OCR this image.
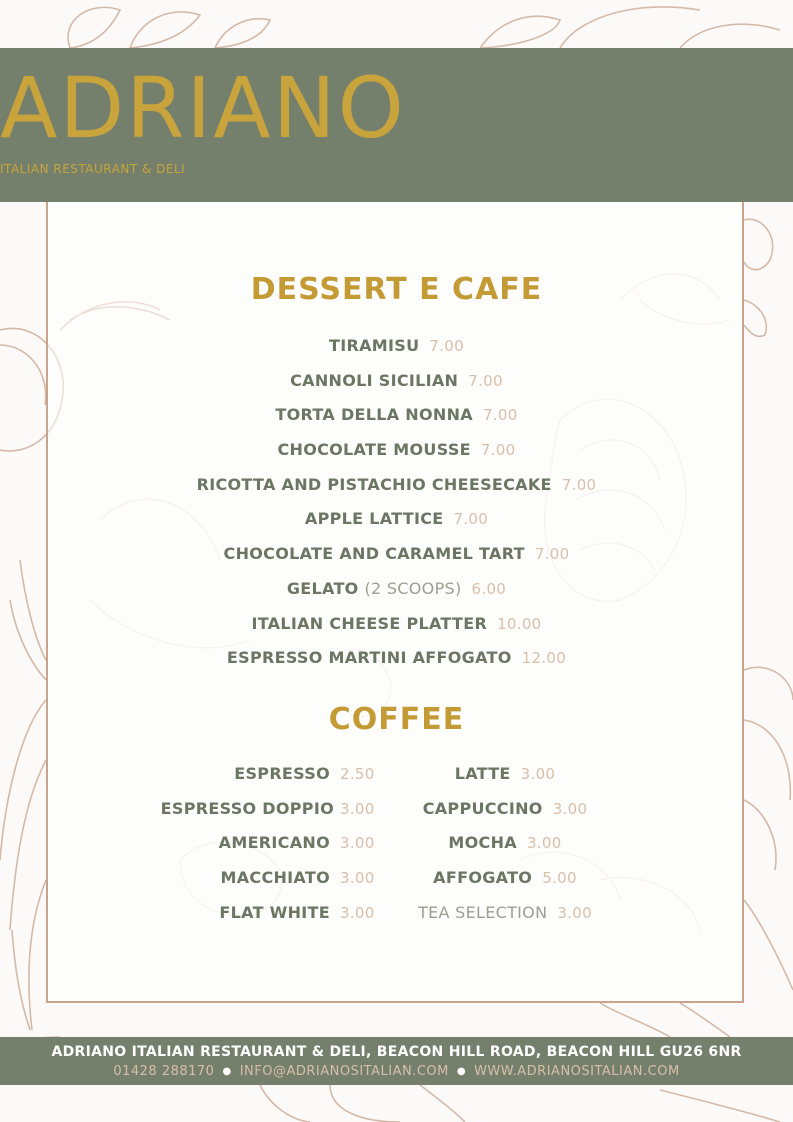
ADRIANO
ITALIAN RESTAURANT & DELI
DESSERT E CAFE
TIRAMISU 7.00
CANNOLI SICILIAN 7.00
TORTA DELLA NONNA 7.00
CHOCOLATE MOUSSE 7.00
RICOTTA AND PISTACHIO CHEESECAKE 7.00
APPLE LATTICE 7.00
CHOCOLATE AND CARAMEL TART 7.00
GELATO (2 SCOOPS) 6.00
ITALIAN CHEESE PLATTER 10.00
ESPRESSO MARTINI AFFOGATO 12.00
COFFEE
ESPRESSO 2.50
ESPRESSO DOPPIO 3.00
AMERICANO 3.00
MACCHIATO 3.00
FLAT WHITE 3.00
LATTE 3.00
CAPPUCCINO 3.00
MOCHA 3.00
AFFOGATO 5.00
TEA SELECTION 3.00
ADRIANO ITALIAN RESTAURANT & DELI, BEACON HILL ROAD, BEACON HILL GU26 6NR
01428 288170 ● INFO@ADRIANOSITALIAN.COM ● WWW.ADRIANOSITALIAN.COM
